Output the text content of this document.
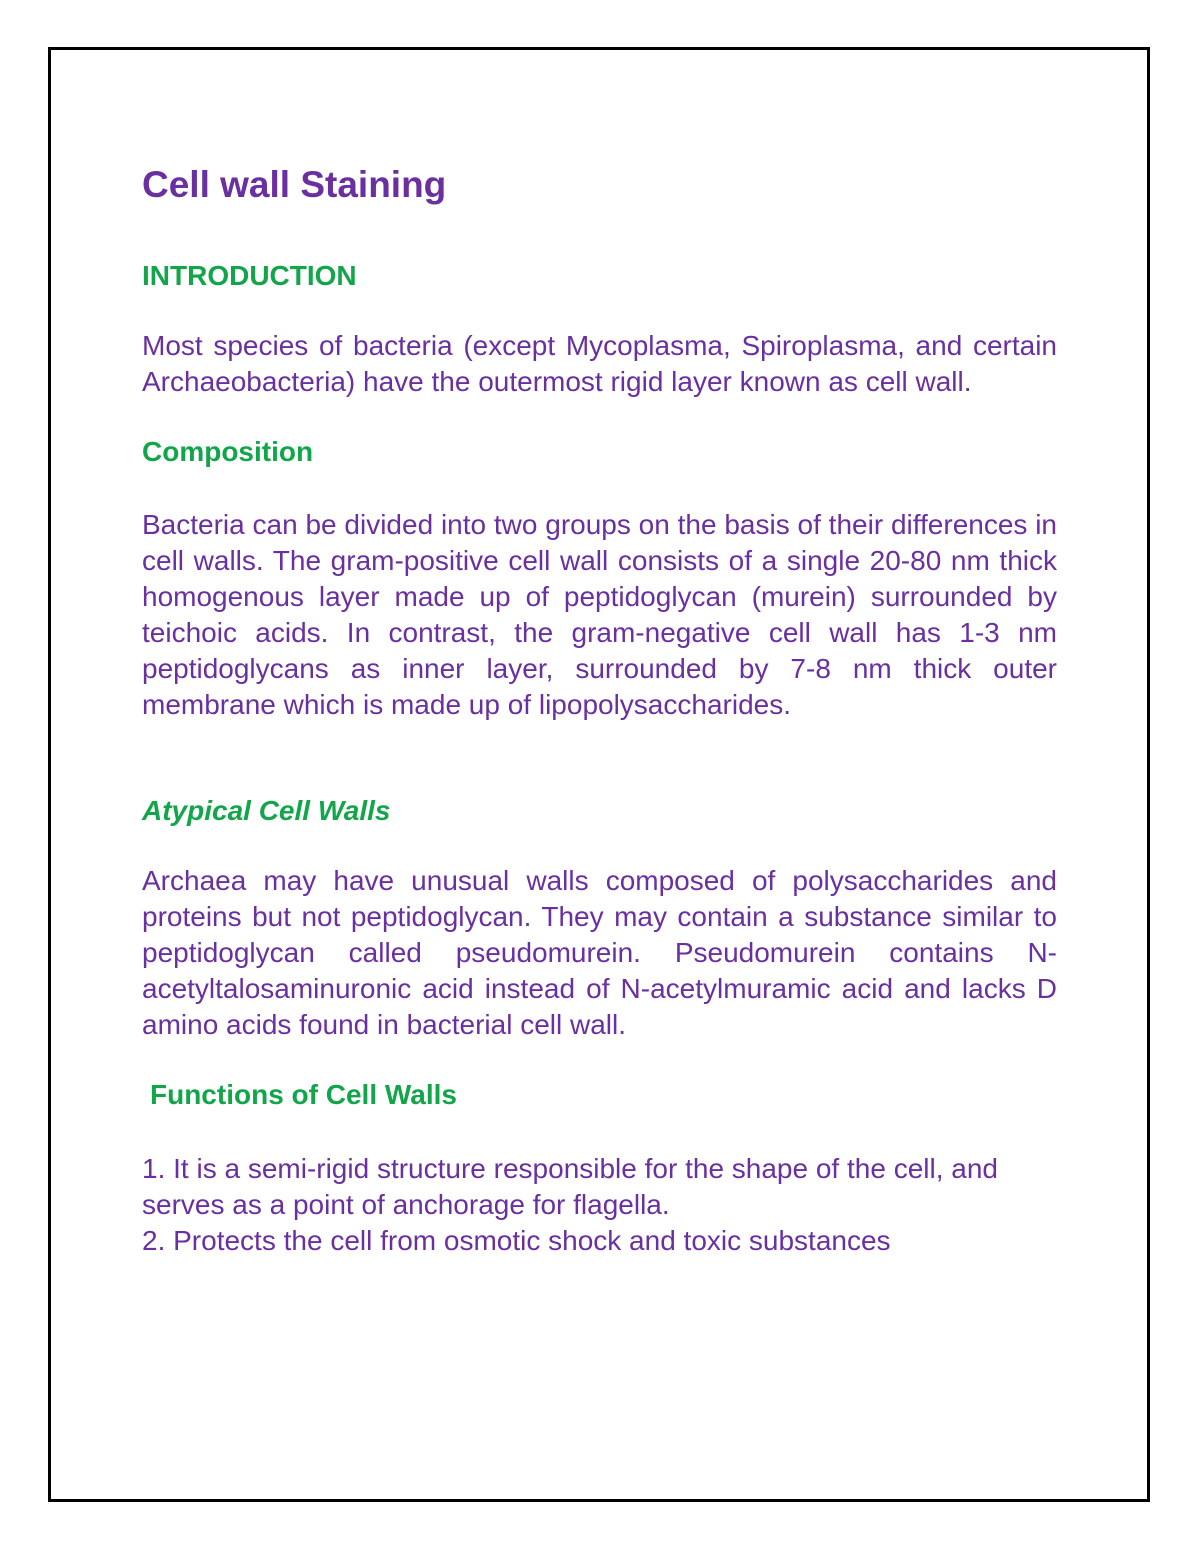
Cell wall Staining
INTRODUCTION

Most species of bacteria (except Mycoplasma, Spiroplasma, and certain Archaeobacteria) have the outermost rigid layer known as cell wall.

Composition

Bacteria can be divided into two groups on the basis of their differences in cell walls. The gram-positive cell wall consists of a single 20-80 nm thick homogenous layer made up of peptidoglycan (murein) surrounded by teichoic acids. In contrast, the gram-negative cell wall has 1-3 nm peptidoglycans as inner layer, surrounded by 7-8 nm thick outer membrane which is made up of lipopolysaccharides.

Atypical Cell Walls

Archaea may have unusual walls composed of polysaccharides and proteins but not peptidoglycan. They may contain a substance similar to peptidoglycan called pseudomurein. Pseudomurein contains N-acetyltalosaminuronic acid instead of N-acetylmuramic acid and lacks D amino acids found in bacterial cell wall.

Functions of Cell Walls

1. It is a semi-rigid structure responsible for the shape of the cell, and serves as a point of anchorage for flagella.

2. Protects the cell from osmotic shock and toxic substances
